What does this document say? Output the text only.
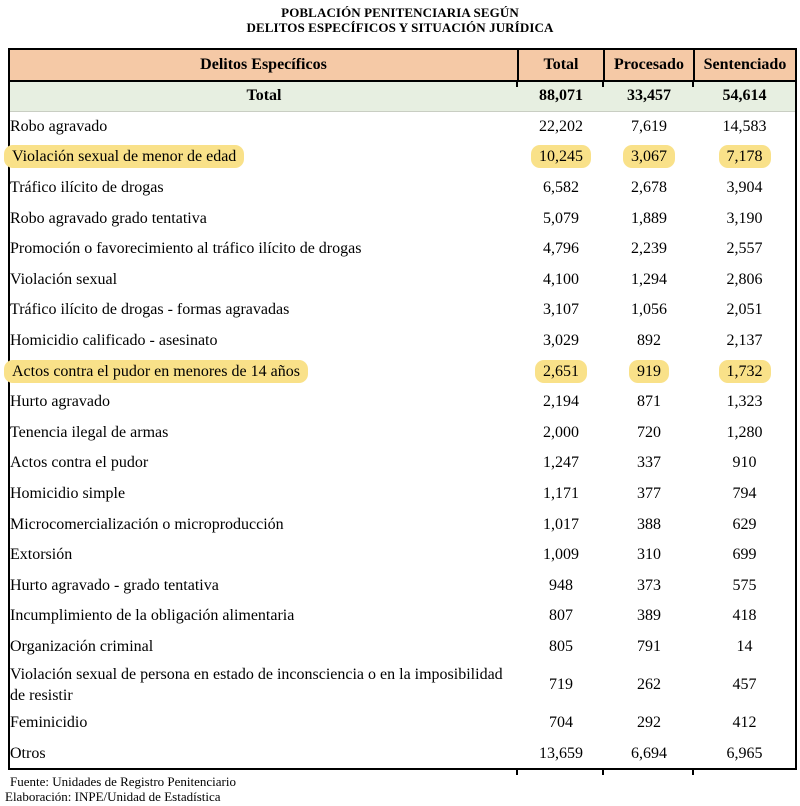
POBLACIÓN PENITENCIARIA SEGÚN
DELITOS ESPECÍFICOS Y SITUACIÓN JURÍDICA
Delitos Específicos	Total	Procesado	Sentenciado
Total	88,071	33,457	54,614
Robo agravado	22,202	7,619	14,583
Violación sexual de menor de edad	10,245	3,067	7,178
Tráfico ilícito de drogas	6,582	2,678	3,904
Robo agravado grado tentativa	5,079	1,889	3,190
Promoción o favorecimiento al tráfico ilícito de drogas	4,796	2,239	2,557
Violación sexual	4,100	1,294	2,806
Tráfico ilícito de drogas - formas agravadas	3,107	1,056	2,051
Homicidio calificado - asesinato	3,029	892	2,137
Actos contra el pudor en menores de 14 años	2,651	919	1,732
Hurto agravado	2,194	871	1,323
Tenencia ilegal de armas	2,000	720	1,280
Actos contra el pudor	1,247	337	910
Homicidio simple	1,171	377	794
Microcomercialización o microproducción	1,017	388	629
Extorsión	1,009	310	699
Hurto agravado - grado tentativa	948	373	575
Incumplimiento de la obligación alimentaria	807	389	418
Organización criminal	805	791	14
Violación sexual de persona en estado de inconsciencia o en la imposibilidad de resistir	719	262	457
Feminicidio	704	292	412
Otros	13,659	6,694	6,965
Fuente: Unidades de Registro Penitenciario
Elaboración: INPE/Unidad de Estadística
